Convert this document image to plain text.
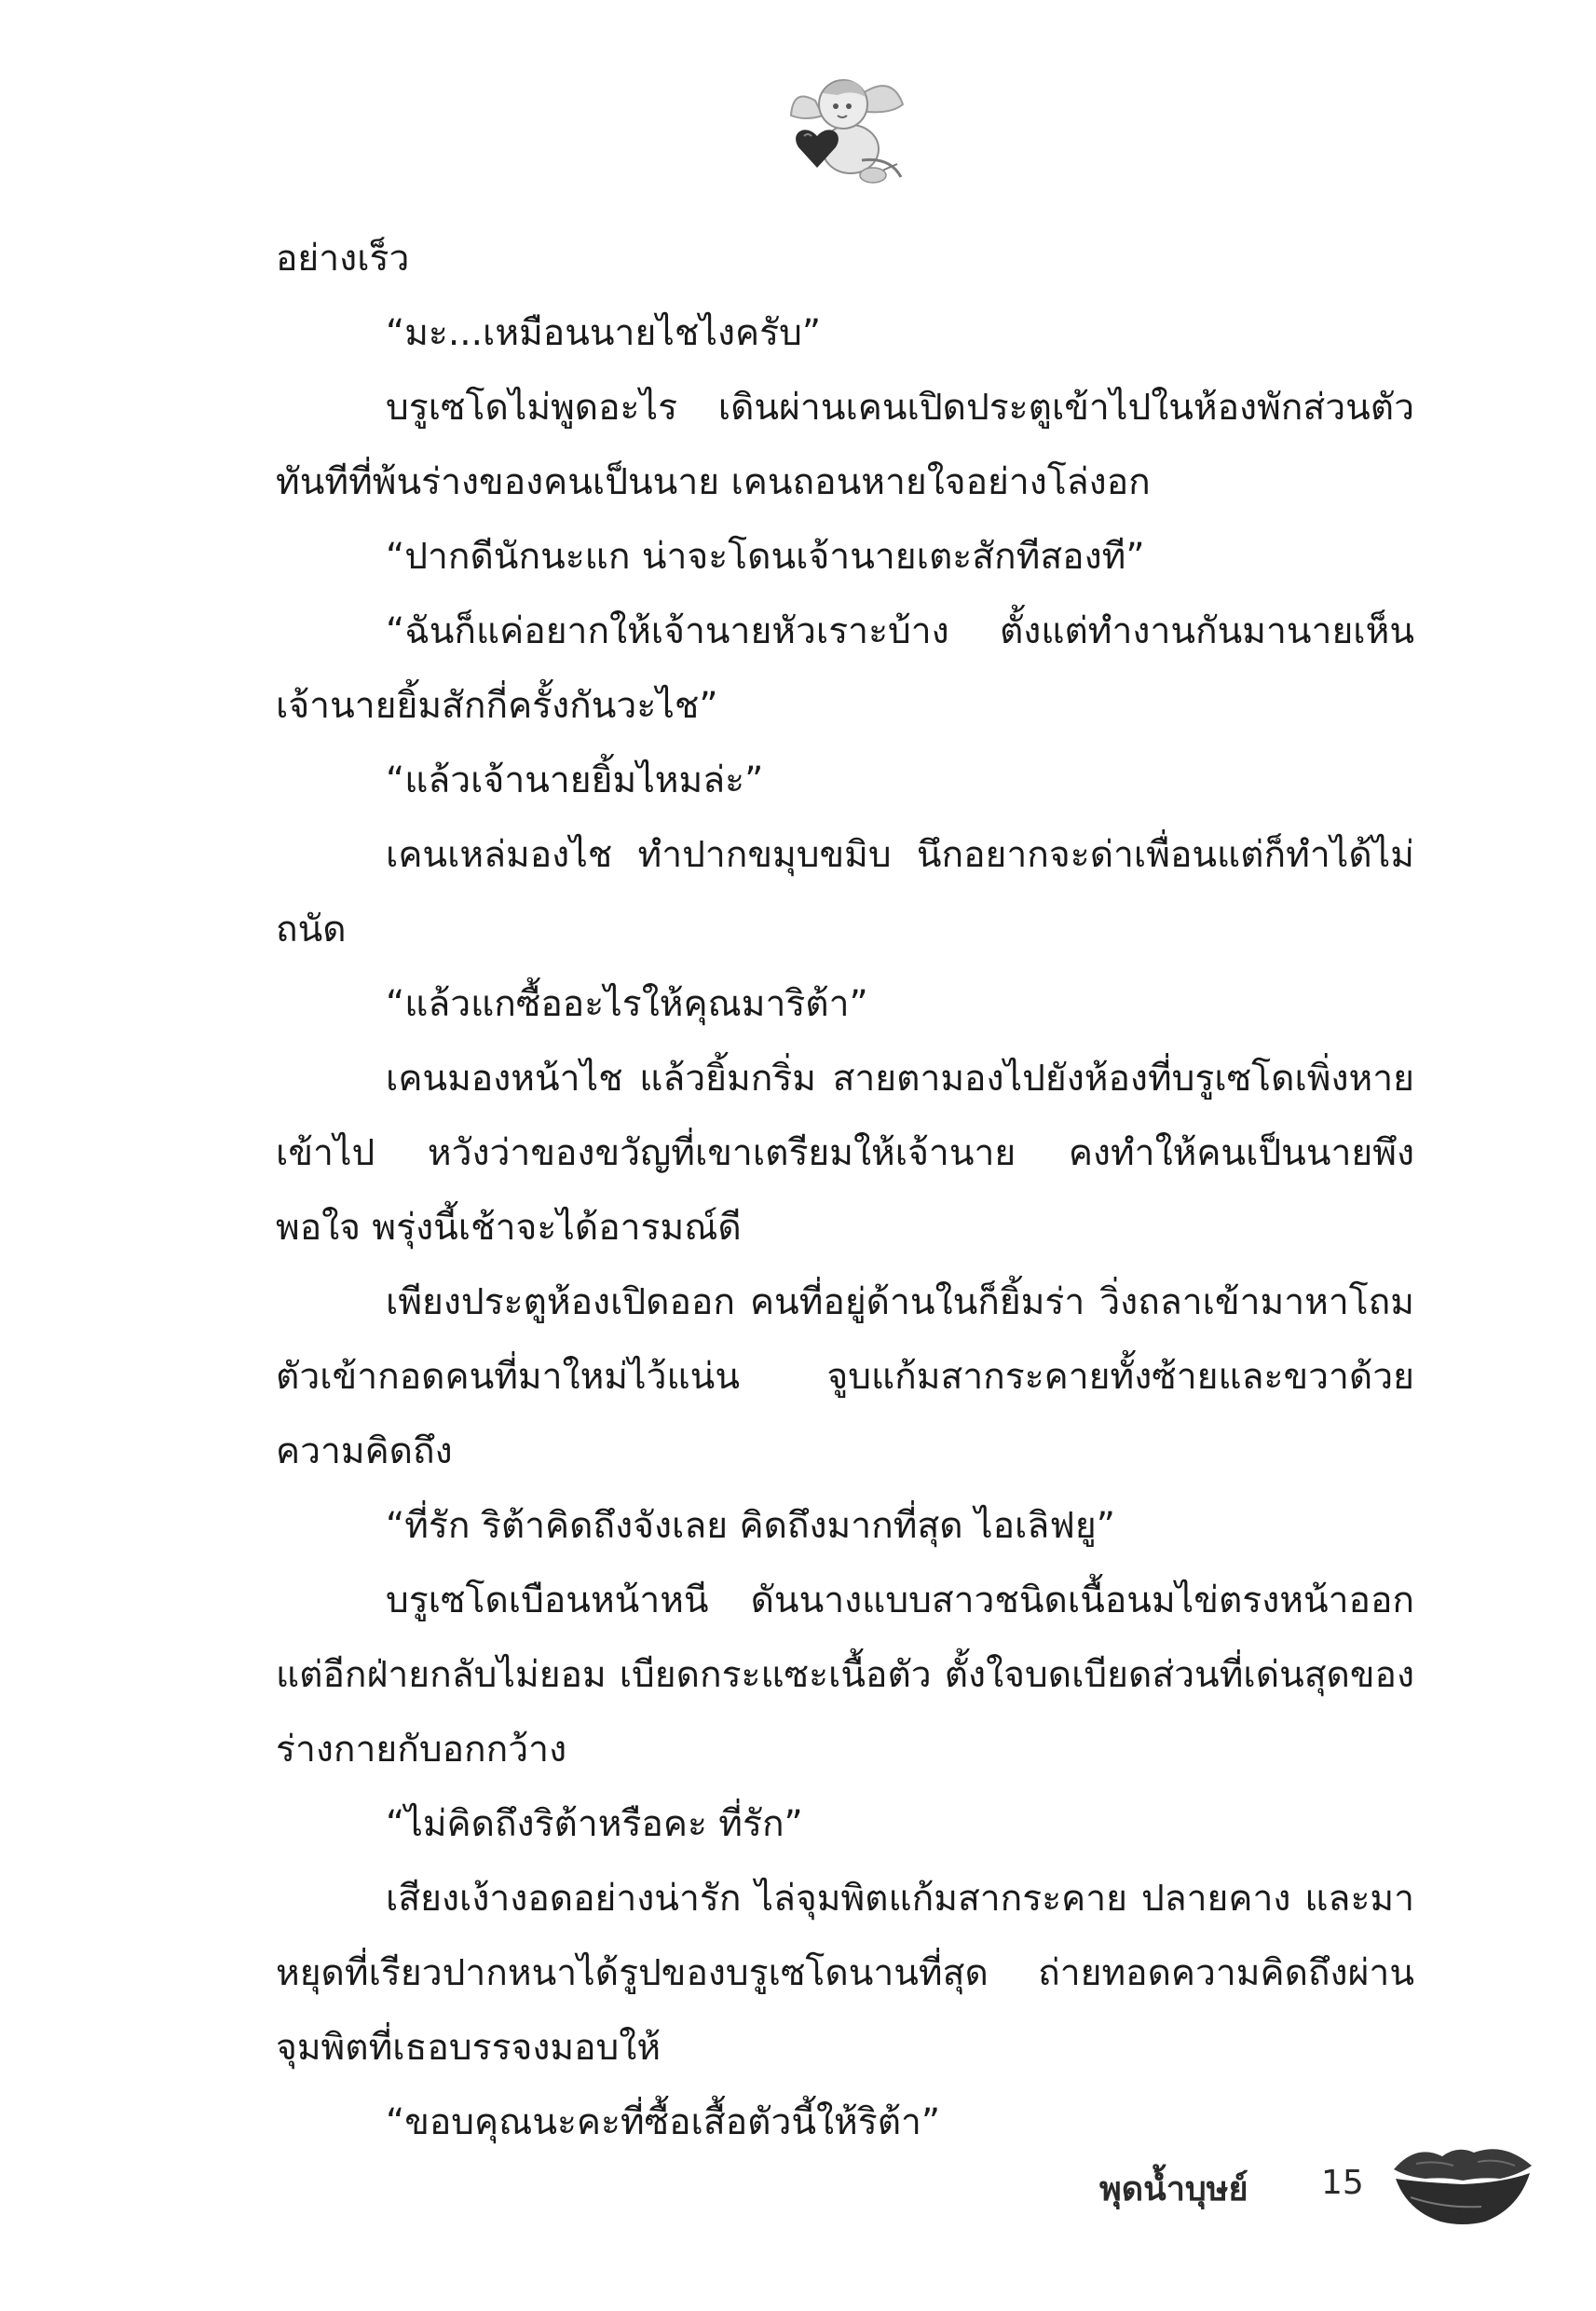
อย่างเร็ว
“มะ...เหมือนนายไชไงครับ”
บรูเซโดไม่พูดอะไร เดินผ่านเคนเปิดประตูเข้าไปในห้องพักส่วนตัว ทันทีที่พ้นร่างของคนเป็นนาย เคนถอนหายใจอย่างโล่งอก
“ปากดีนักนะแก น่าจะโดนเจ้านายเตะสักทีสองที”
“ฉันก็แค่อยากให้เจ้านายหัวเราะบ้าง ตั้งแต่ทำงานกันมานายเห็นเจ้านายยิ้มสักกี่ครั้งกันวะไช”
“แล้วเจ้านายยิ้มไหมล่ะ”
เคนเหล่มองไช ทำปากขมุบขมิบ นึกอยากจะด่าเพื่อนแต่ก็ทำได้ไม่ถนัด
“แล้วแกซื้ออะไรให้คุณมาริต้า”
เคนมองหน้าไช แล้วยิ้มกริ่ม สายตามองไปยังห้องที่บรูเซโดเพิ่งหายเข้าไป หวังว่าของขวัญที่เขาเตรียมให้เจ้านาย คงทำให้คนเป็นนายพึงพอใจ พรุ่งนี้เช้าจะได้อารมณ์ดี
เพียงประตูห้องเปิดออก คนที่อยู่ด้านในก็ยิ้มร่า วิ่งถลาเข้ามาหาโถมตัวเข้ากอดคนที่มาใหม่ไว้แน่น จูบแก้มสากระคายทั้งซ้ายและขวาด้วยความคิดถึง
“ที่รัก ริต้าคิดถึงจังเลย คิดถึงมากที่สุด ไอเลิฟยู”
บรูเซโดเบือนหน้าหนี ดันนางแบบสาวชนิดเนื้อนมไข่ตรงหน้าออกแต่อีกฝ่ายกลับไม่ยอม เบียดกระแซะเนื้อตัว ตั้งใจบดเบียดส่วนที่เด่นสุดของร่างกายกับอกกว้าง
“ไม่คิดถึงริต้าหรือคะ ที่รัก”
เสียงเง้างอดอย่างน่ารัก ไล่จุมพิตแก้มสากระคาย ปลายคาง และมาหยุดที่เรียวปากหนาได้รูปของบรูเซโดนานที่สุด ถ่ายทอดความคิดถึงผ่านจุมพิตที่เธอบรรจงมอบให้
“ขอบคุณนะคะที่ซื้อเสื้อตัวนี้ให้ริต้า”
พุดน้ำบุษย์ 15
